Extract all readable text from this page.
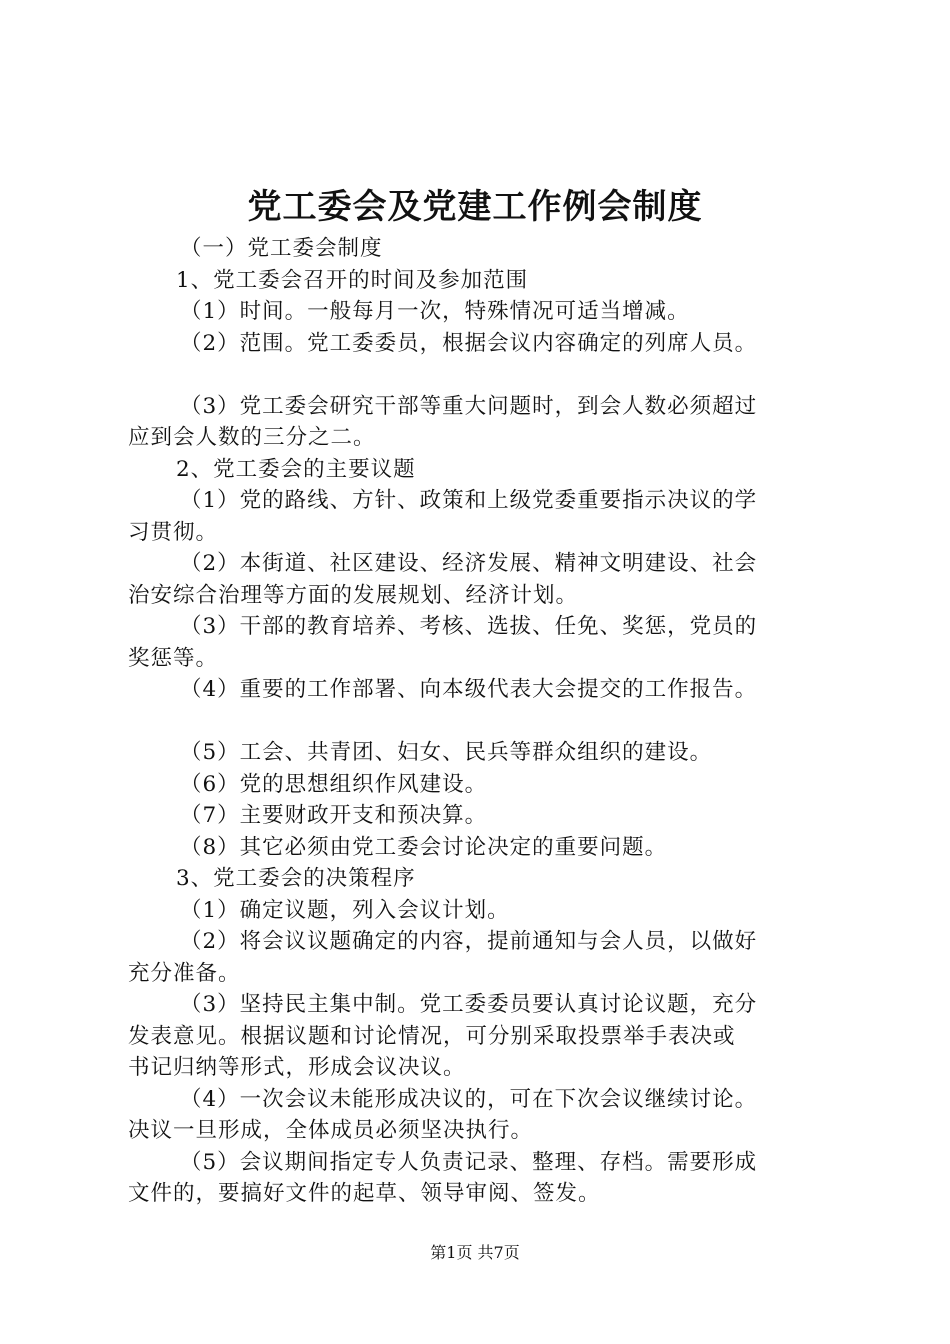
党工委会及党建工作例会制度
（一）党工委会制度
1、党工委会召开的时间及参加范围
（1）时间。一般每月一次，特殊情况可适当增减。
（2）范围。党工委委员，根据会议内容确定的列席人员。
（3）党工委会研究干部等重大问题时，到会人数必须超过
应到会人数的三分之二。
2、党工委会的主要议题
（1）党的路线、方针、政策和上级党委重要指示决议的学
习贯彻。
（2）本街道、社区建设、经济发展、精神文明建设、社会
治安综合治理等方面的发展规划、经济计划。
（3）干部的教育培养、考核、选拔、任免、奖惩，党员的
奖惩等。
（4）重要的工作部署、向本级代表大会提交的工作报告。
（5）工会、共青团、妇女、民兵等群众组织的建设。
（6）党的思想组织作风建设。
（7）主要财政开支和预决算。
（8）其它必须由党工委会讨论决定的重要问题。
3、党工委会的决策程序
（1）确定议题，列入会议计划。
（2）将会议议题确定的内容，提前通知与会人员，以做好
充分准备。
（3）坚持民主集中制。党工委委员要认真讨论议题，充分
发表意见。根据议题和讨论情况，可分别采取投票举手表决或
书记归纳等形式，形成会议决议。
（4）一次会议未能形成决议的，可在下次会议继续讨论。
决议一旦形成，全体成员必须坚决执行。
（5）会议期间指定专人负责记录、整理、存档。需要形成
文件的，要搞好文件的起草、领导审阅、签发。
第1页 共7页
